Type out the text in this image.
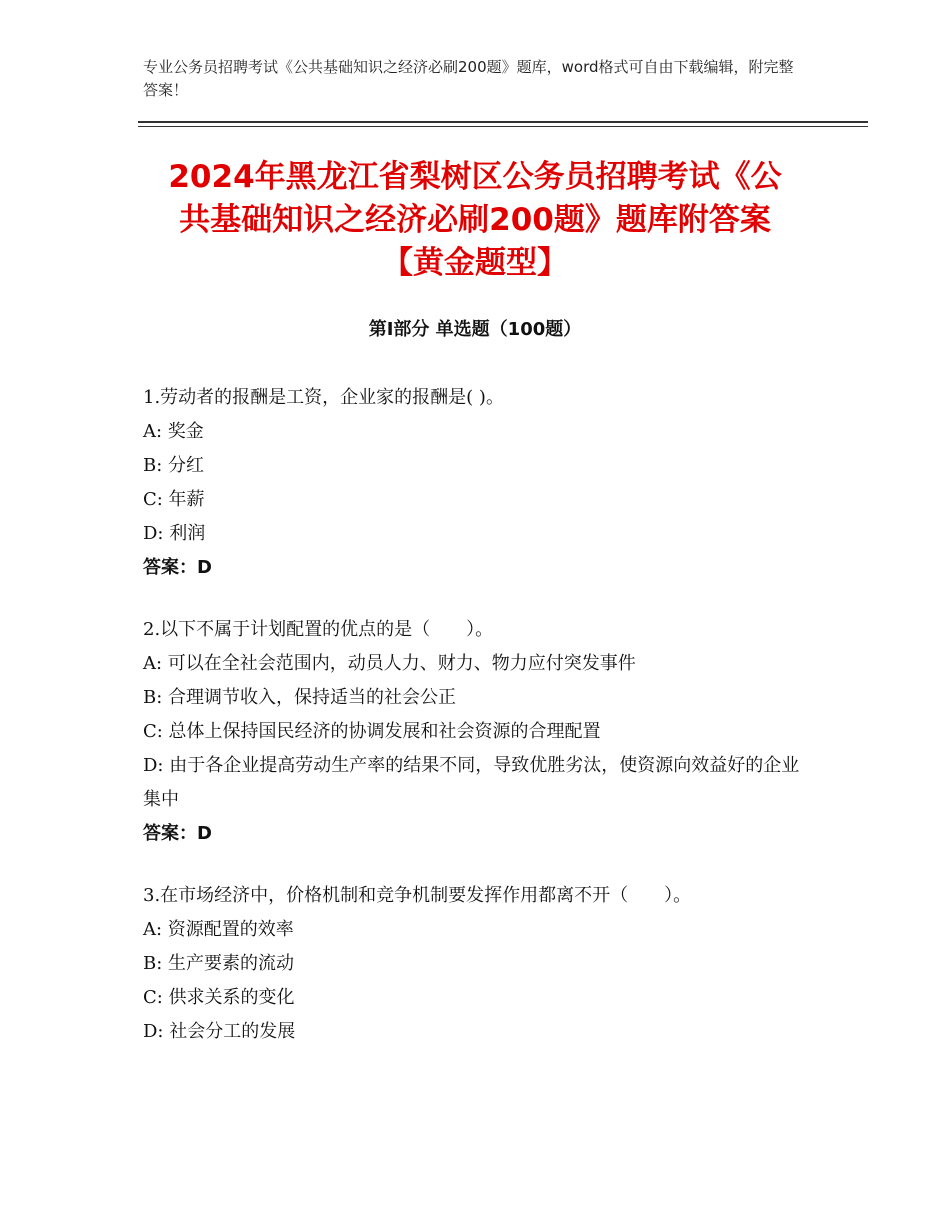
专业公务员招聘考试《公共基础知识之经济必刷200题》题库，word格式可自由下载编辑，附完整答案！
2024年黑龙江省梨树区公务员招聘考试《公
共基础知识之经济必刷200题》题库附答案
【黄金题型】
第Ⅰ部分 单选题（100题）
1.劳动者的报酬是工资，企业家的报酬是( )。
A: 奖金
B: 分红
C: 年薪
D: 利润
答案：D
2.以下不属于计划配置的优点的是（　　）。
A: 可以在全社会范围内，动员人力、财力、物力应付突发事件
B: 合理调节收入，保持适当的社会公正
C: 总体上保持国民经济的协调发展和社会资源的合理配置
D: 由于各企业提高劳动生产率的结果不同，导致优胜劣汰，使资源向效益好的企业集中
答案：D
3.在市场经济中，价格机制和竞争机制要发挥作用都离不开（　　）。
A: 资源配置的效率
B: 生产要素的流动
C: 供求关系的变化
D: 社会分工的发展
